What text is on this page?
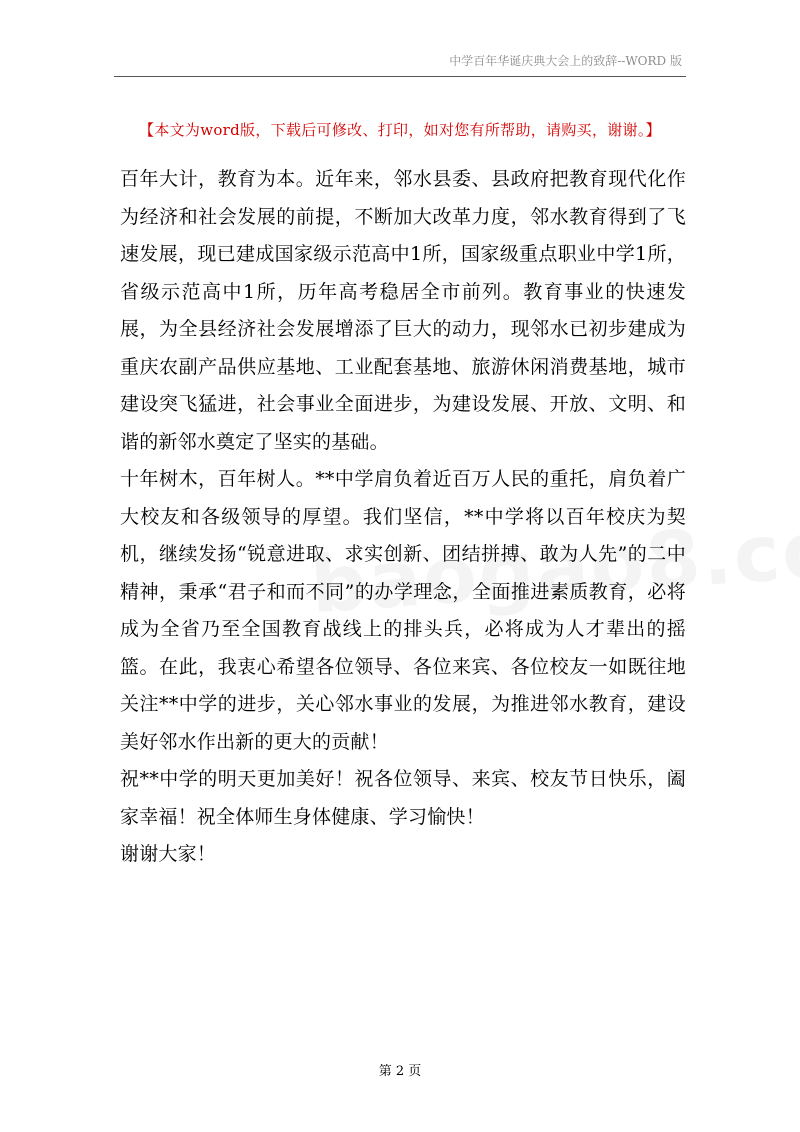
中学百年华诞庆典大会上的致辞--WORD 版
【本文为word版，下载后可修改、打印，如对您有所帮助，请购买，谢谢。】

百年大计，教育为本。近年来，邻水县委、县政府把教育现代化作为经济和社会发展的前提，不断加大改革力度，邻水教育得到了飞速发展，现已建成国家级示范高中1所，国家级重点职业中学1所，省级示范高中1所，历年高考稳居全市前列。教育事业的快速发展，为全县经济社会发展增添了巨大的动力，现邻水已初步建成为重庆农副产品供应基地、工业配套基地、旅游休闲消费基地，城市建设突飞猛进，社会事业全面进步，为建设发展、开放、文明、和谐的新邻水奠定了坚实的基础。

十年树木，百年树人。**中学肩负着近百万人民的重托，肩负着广大校友和各级领导的厚望。我们坚信，**中学将以百年校庆为契机，继续发扬“锐意进取、求实创新、团结拼搏、敢为人先”的二中精神，秉承“君子和而不同”的办学理念，全面推进素质教育，必将成为全省乃至全国教育战线上的排头兵，必将成为人才辈出的摇篮。在此，我衷心希望各位领导、各位来宾、各位校友一如既往地关注**中学的进步，关心邻水事业的发展，为推进邻水教育，建设美好邻水作出新的更大的贡献！

祝**中学的明天更加美好！祝各位领导、来宾、校友节日快乐，阖家幸福！祝全体师生身体健康、学习愉快！

谢谢大家！

第 2 页
